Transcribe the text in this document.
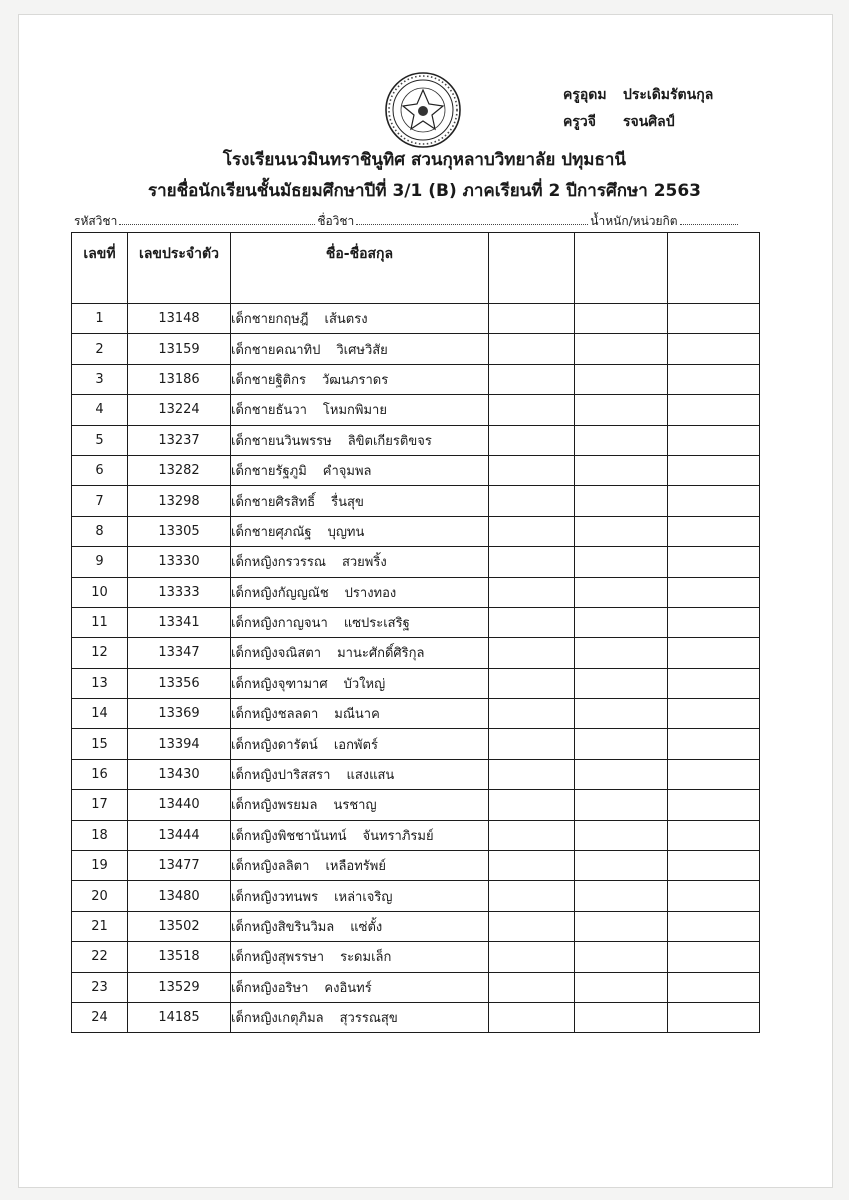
ครูอุดม ประเดิมรัตนกุล
ครูวจี รจนศิลป์
โรงเรียนนวมินทราชินูทิศ สวนกุหลาบวิทยาลัย ปทุมธานี
รายชื่อนักเรียนชั้นมัธยมศึกษาปีที่ 3/1 (B) ภาคเรียนที่ 2 ปีการศึกษา 2563
รหัสวิชา	ชื่อวิชา	น้ำหนัก/หน่วยกิต
เลขที่	เลขประจำตัว	ชื่อ-ชื่อสกุล			
1	13148	เด็กชายกฤษฎี เส้นตรง			
2	13159	เด็กชายคณาทิป วิเศษวิสัย			
3	13186	เด็กชายฐิติกร วัฒนภราดร			
4	13224	เด็กชายธันวา โหมกพิมาย			
5	13237	เด็กชายนวินพรรษ ลิขิตเกียรติขจร			
6	13282	เด็กชายรัฐภูมิ คำจุมพล			
7	13298	เด็กชายศิรสิทธิ์ รื่นสุข			
8	13305	เด็กชายศุภณัฐ บุญทน			
9	13330	เด็กหญิงกรวรรณ สวยพริ้ง			
10	13333	เด็กหญิงกัญญณัช ปรางทอง			
11	13341	เด็กหญิงกาญจนา แซประเสริฐ			
12	13347	เด็กหญิงจณิสตา มานะศักดิ์ศิริกุล			
13	13356	เด็กหญิงจุฑามาศ บัวใหญ่			
14	13369	เด็กหญิงชลลดา มณีนาค			
15	13394	เด็กหญิงดารัตน์ เอกพัตร์			
16	13430	เด็กหญิงปาริสสรา แสงแสน			
17	13440	เด็กหญิงพรยมล นรชาญ			
18	13444	เด็กหญิงพิชชานันทน์ จันทราภิรมย์			
19	13477	เด็กหญิงลลิตา เหลือทรัพย์			
20	13480	เด็กหญิงวทนพร เหล่าเจริญ			
21	13502	เด็กหญิงสิขรินวิมล แซ่ตั้ง			
22	13518	เด็กหญิงสุพรรษา ระดมเล็ก			
23	13529	เด็กหญิงอริษา คงอินทร์			
24	14185	เด็กหญิงเกตุภิมล สุวรรณสุข			
